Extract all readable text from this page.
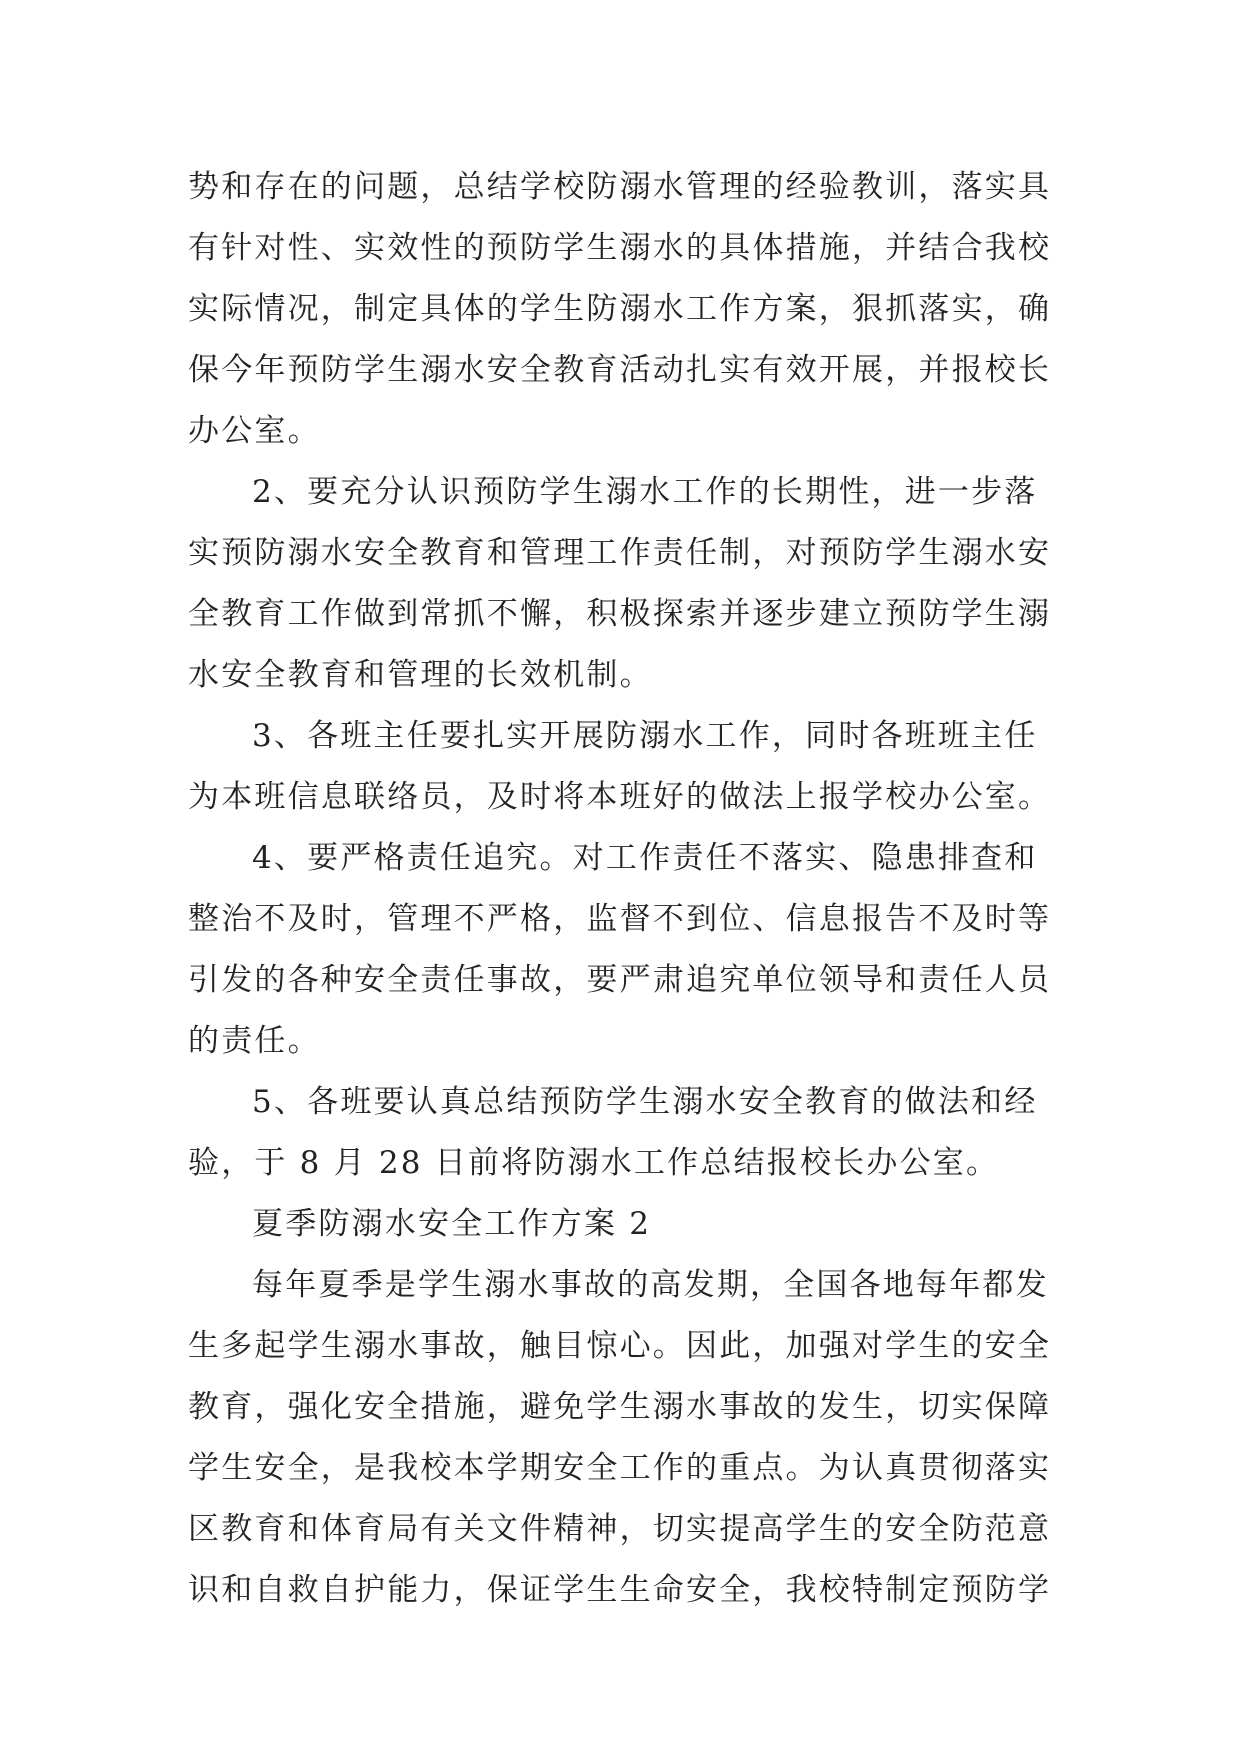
势和存在的问题，总结学校防溺水管理的经验教训，落实具
有针对性、实效性的预防学生溺水的具体措施，并结合我校
实际情况，制定具体的学生防溺水工作方案，狠抓落实，确
保今年预防学生溺水安全教育活动扎实有效开展，并报校长
办公室。
2、要充分认识预防学生溺水工作的长期性，进一步落
实预防溺水安全教育和管理工作责任制，对预防学生溺水安
全教育工作做到常抓不懈，积极探索并逐步建立预防学生溺
水安全教育和管理的长效机制。
3、各班主任要扎实开展防溺水工作，同时各班班主任
为本班信息联络员，及时将本班好的做法上报学校办公室。
4、要严格责任追究。对工作责任不落实、隐患排查和
整治不及时，管理不严格，监督不到位、信息报告不及时等
引发的各种安全责任事故，要严肃追究单位领导和责任人员
的责任。
5、各班要认真总结预防学生溺水安全教育的做法和经
验，于 8 月 28 日前将防溺水工作总结报校长办公室。
夏季防溺水安全工作方案 2
每年夏季是学生溺水事故的高发期，全国各地每年都发
生多起学生溺水事故，触目惊心。因此，加强对学生的安全
教育，强化安全措施，避免学生溺水事故的发生，切实保障
学生安全，是我校本学期安全工作的重点。为认真贯彻落实
区教育和体育局有关文件精神，切实提高学生的安全防范意
识和自救自护能力，保证学生生命安全，我校特制定预防学
